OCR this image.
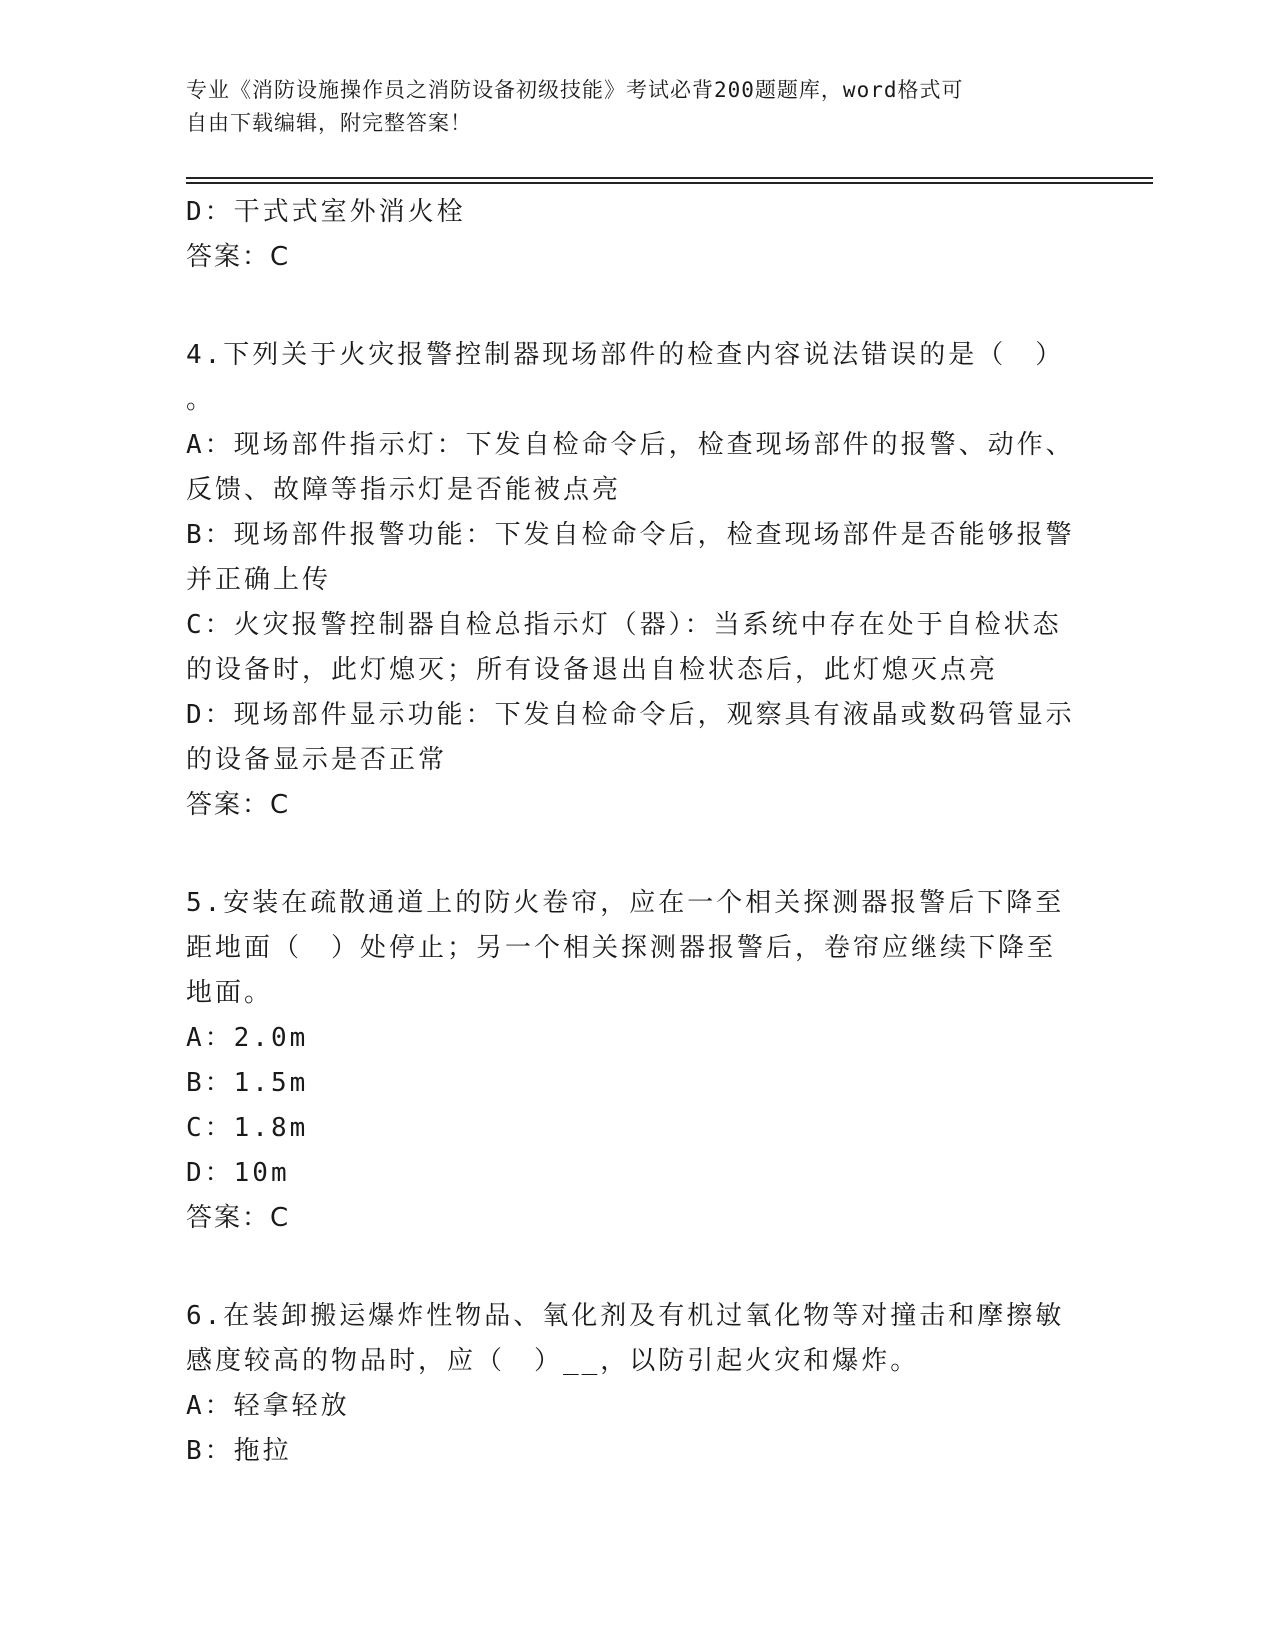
专业《消防设施操作员之消防设备初级技能》考试必背200题题库，word格式可
自由下载编辑，附完整答案！

D：干式式室外消火栓

答案：C

4.下列关于火灾报警控制器现场部件的检查内容说法错误的是（　）

。

A：现场部件指示灯：下发自检命令后，检查现场部件的报警、动作、

反馈、故障等指示灯是否能被点亮

B：现场部件报警功能：下发自检命令后，检查现场部件是否能够报警

并正确上传

C：火灾报警控制器自检总指示灯（器）：当系统中存在处于自检状态

的设备时，此灯熄灭；所有设备退出自检状态后，此灯熄灭点亮

D：现场部件显示功能：下发自检命令后，观察具有液晶或数码管显示

的设备显示是否正常

答案：C

5.安装在疏散通道上的防火卷帘，应在一个相关探测器报警后下降至

距地面（　）处停止；另一个相关探测器报警后，卷帘应继续下降至

地面。

A：2.0m

B：1.5m

C：1.8m

D：10m

答案：C

6.在装卸搬运爆炸性物品、氧化剂及有机过氧化物等对撞击和摩擦敏

感度较高的物品时，应（　）__，以防引起火灾和爆炸。

A：轻拿轻放

B：拖拉
